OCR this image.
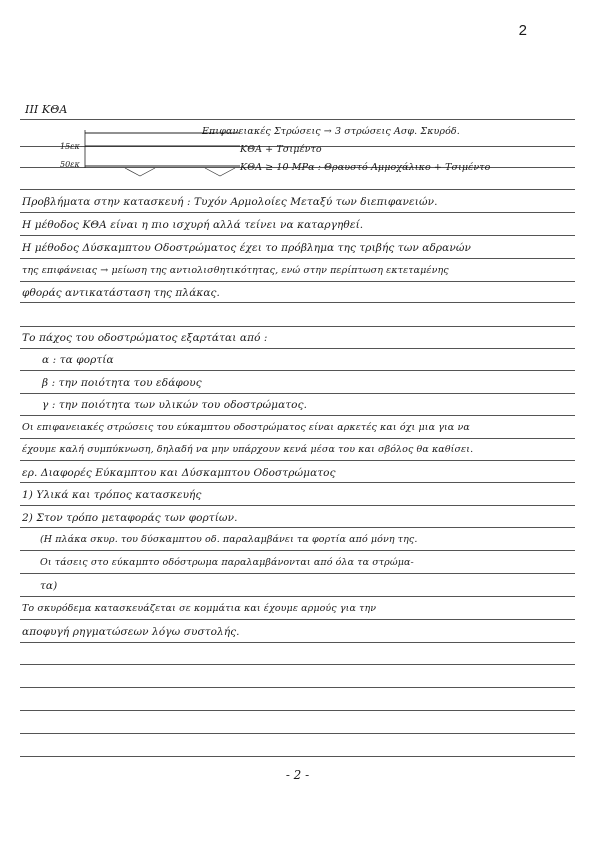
2
ΙΙΙ ΚΘΑ
15εκ
50εκ
Επιφανειακές Στρώσεις → 3 στρώσεις Ασφ. Σκυρόδ.
ΚΘΑ + Τσιμέντο
ΚΘΑ ≥ 10 ΜΡα : Θραυστό Αμμοχάλικο + Τσιμέντο
Προβλήματα στην κατασκευή : Τυχόν Αρμολοίες Μεταξύ των διεπιφανειών.
Η μέθοδος ΚΘΑ είναι η πιο ισχυρή αλλά τείνει να καταργηθεί.
Η μέθοδος Δύσκαμπτου Οδοστρώματος έχει το πρόβλημα της τριβής των αδρανών
της επιφάνειας → μείωση της αντιολισθητικότητας, ενώ στην περίπτωση εκτεταμένης
φθοράς αντικατάσταση της πλάκας.
Το πάχος του οδοστρώματος εξαρτάται από :
α : τα φορτία
β : την ποιότητα του εδάφους
γ : την ποιότητα των υλικών του οδοστρώματος.
Οι επιφανειακές στρώσεις του εύκαμπτου οδοστρώματος είναι αρκετές και όχι μια για να
έχουμε καλή συμπύκνωση, δηλαδή να μην υπάρχουν κενά μέσα του και σβόλος θα καθίσει.
ερ. Διαφορές Εύκαμπτου και Δύσκαμπτου Οδοστρώματος
1) Υλικά και τρόπος κατασκευής
2) Στον τρόπο μεταφοράς των φορτίων.
(Η πλάκα σκυρ. του δύσκαμπτου οδ. παραλαμβάνει τα φορτία από μόνη της.
Οι τάσεις στο εύκαμπτο οδόστρωμα παραλαμβάνονται από όλα τα στρώμα-
τα)
Το σκυρόδεμα κατασκευάζεται σε κομμάτια και έχουμε αρμούς για την
αποφυγή ρηγματώσεων λόγω συστολής.
- 2 -
